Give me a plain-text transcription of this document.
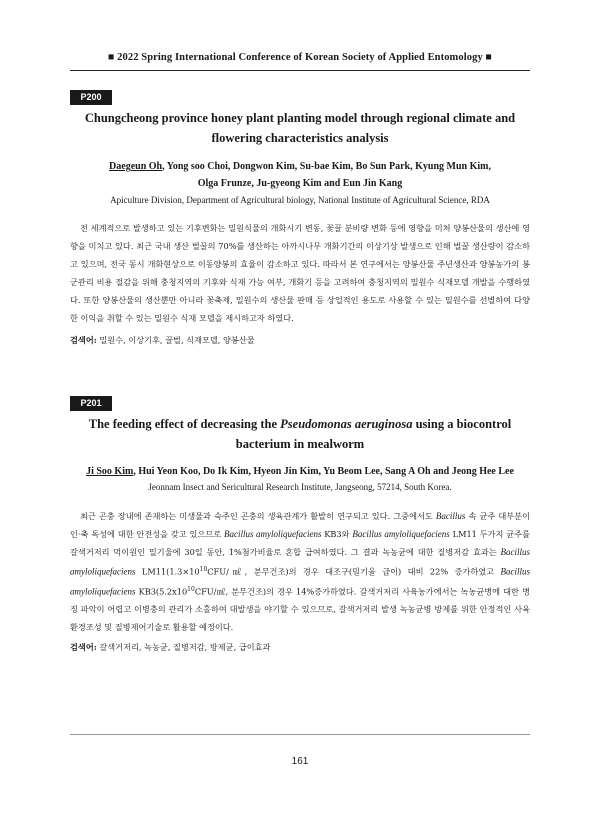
■ 2022 Spring International Conference of Korean Society of Applied Entomology ■
P200
Chungcheong province honey plant planting model through regional climate and
flowering characteristics analysis
Daegeun Oh, Yong soo Choi, Dongwon Kim, Su-bae Kim, Bo Sun Park, Kyung Mun Kim,
Olga Frunze, Ju-gyeong Kim and Eun Jin Kang
Apiculture Division, Department of Agricultural biology, National Institute of Agricultural Science, RDA

전 세계적으로 발생하고 있는 기후변화는 밀원식물의 개화시기 변동, 꽃꿀 분비량 변화 등에 영향을 미쳐 양봉산물의 생산에 영향을 미치고 있다. 최근 국내 생산 벌꿀의 70%를 생산하는 아까시나무 개화기간의 이상기상 발생으로 인해 벌꿀 생산량이 감소하고 있으며, 전국 동시 개화현상으로 이동양봉의 효율이 감소하고 있다. 따라서 본 연구에서는 양봉산물 주년생산과 양봉농가의 봉군관리 비용 절감을 위해 충청지역의 기후와 식재 가능 여부, 개화기 등을 고려하여 충청지역의 밀원수 식재모델 개발을 수행하였다. 또한 양봉산물의 생산뿐만 아니라 꽃축제, 밀원수의 생산물 판매 등 상업적인 용도로 사용할 수 있는 밀원수를 선별하여 다양한 이익을 취할 수 있는 밀원수 식재 모델을 제시하고자 하였다.

검색어: 밀원수, 이상기후, 꿀벌, 식재모델, 양봉산물
P201
The feeding effect of decreasing the Pseudomonas aeruginosa using a biocontrol
bacterium in mealworm
Ji Soo Kim, Hui Yeon Koo, Do Ik Kim, Hyeon Jin Kim, Yu Beom Lee, Sang A Oh and Jeong Hee Lee
Jeonnam Insect and Sericultural Research Institute, Jangseong, 57214, South Korea.

최근 곤충 장내에 존재하는 미생물과 숙주인 곤충의 생육관계가 활발히 연구되고 있다. 그중에서도 Bacillus 속 균주 대부분이 인·축 독성에 대한 안전성을 갖고 있으므로 Bacillus amyloliquefaciens KB3와 Bacillus amyloliquefaciens LM11 두가지 균주를 갈색거저리 먹이원인 밀기울에 30일 동안, 1%첨가비율로 혼합 급여하였다. 그 결과 녹농균에 대한 질병저감 효과는 Bacillus amyloliquefaciens $LM11(1.3\times 10^{10}CFU/㎖$, 분무건조)의 경우 대조구(밀기울 급이) 대비 22% 증가하였고 Bacillus amyloliquefaciens $KB3(5.2x10^{10}CFU/㎖$, 분무건조)의 경우 14%증가하였다. 갈색거저리 사육농가에서는 녹농균병에 대한 병징 파악이 어렵고 이병충의 관리가 소홀하여 대발생을 야기할 수 있으므로, 갈색거저리 발생 녹농균병 방제를 위한 안정적인 사육 환경조성 및 질병제어기술로 활용할 예정이다.

검색어: 갈색거저리, 녹농균, 질병저감, 방제균, 급이효과
161
